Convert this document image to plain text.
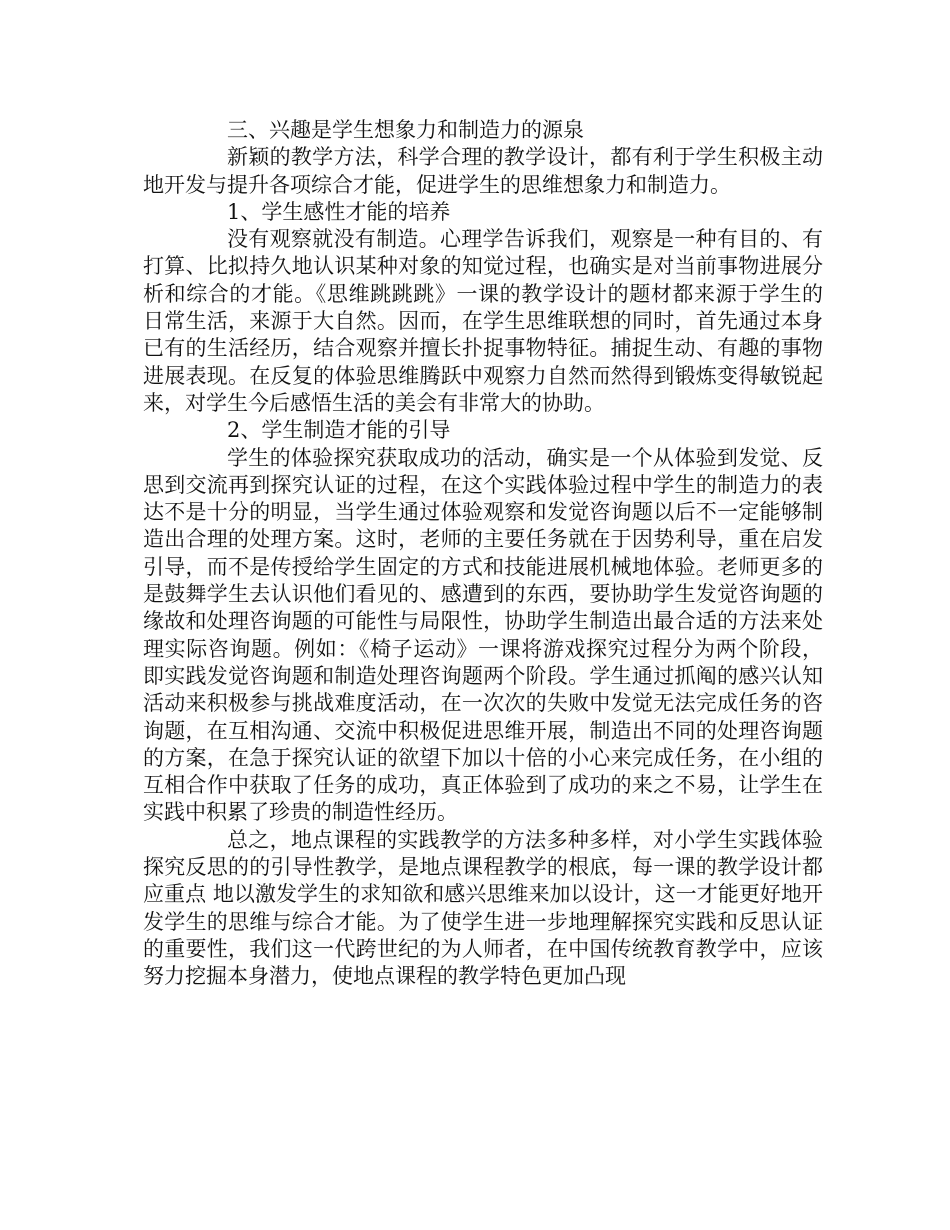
三、兴趣是学生想象力和制造力的源泉

新颖的教学方法，科学合理的教学设计，都有利于学生积极主动地开发与提升各项综合才能，促进学生的思维想象力和制造力。

1、学生感性才能的培养

没有观察就没有制造。心理学告诉我们，观察是一种有目的、有打算、比拟持久地认识某种对象的知觉过程，也确实是对当前事物进展分析和综合的才能。《思维跳跳跳》一课的教学设计的题材都来源于学生的日常生活，来源于大自然。因而，在学生思维联想的同时，首先通过本身已有的生活经历，结合观察并擅长扑捉事物特征。捕捉生动、有趣的事物进展表现。在反复的体验思维腾跃中观察力自然而然得到锻炼变得敏锐起来，对学生今后感悟生活的美会有非常大的协助。

2、学生制造才能的引导

学生的体验探究获取成功的活动，确实是一个从体验到发觉、反思到交流再到探究认证的过程，在这个实践体验过程中学生的制造力的表达不是十分的明显，当学生通过体验观察和发觉咨询题以后不一定能够制造出合理的处理方案。这时，老师的主要任务就在于因势利导，重在启发引导，而不是传授给学生固定的方式和技能进展机械地体验。老师更多的是鼓舞学生去认识他们看见的、感遭到的东西，要协助学生发觉咨询题的缘故和处理咨询题的可能性与局限性，协助学生制造出最合适的方法来处理实际咨询题。例如：《椅子运动》一课将游戏探究过程分为两个阶段，即实践发觉咨询题和制造处理咨询题两个阶段。学生通过抓阄的感兴认知活动来积极参与挑战难度活动，在一次次的失败中发觉无法完成任务的咨询题，在互相沟通、交流中积极促进思维开展，制造出不同的处理咨询题的方案，在急于探究认证的欲望下加以十倍的小心来完成任务，在小组的互相合作中获取了任务的成功，真正体验到了成功的来之不易，让学生在实践中积累了珍贵的制造性经历。

总之，地点课程的实践教学的方法多种多样，对小学生实践体验探究反思的的引导性教学，是地点课程教学的根底，每一课的教学设计都应重点 地以激发学生的求知欲和感兴思维来加以设计，这一才能更好地开发学生的思维与综合才能。为了使学生进一步地理解探究实践和反思认证的重要性，我们这一代跨世纪的为人师者，在中国传统教育教学中，应该努力挖掘本身潜力，使地点课程的教学特色更加凸现
